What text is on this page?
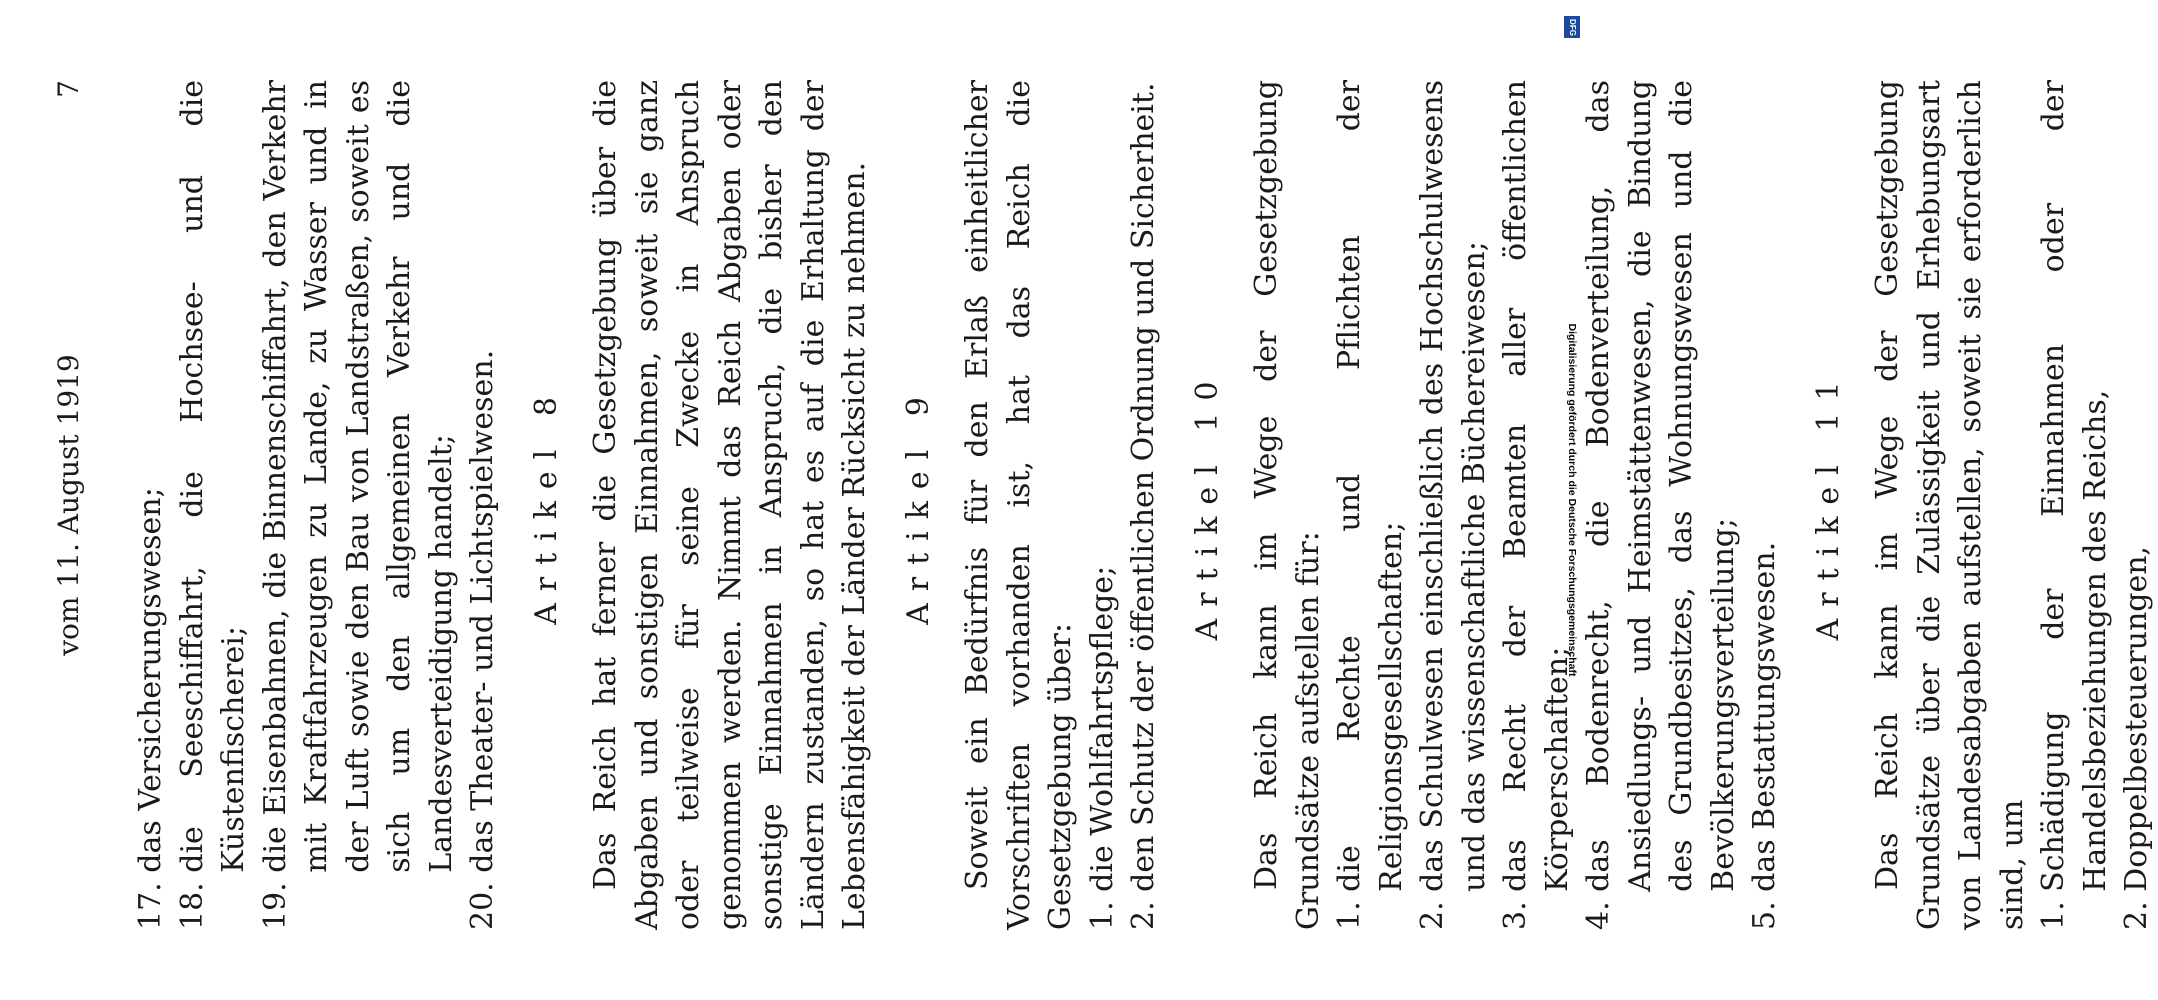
vom 11. August 1919
7
17.
das Versicherungswesen;
18.
die Seeschiffahrt, die Hochsee- und die Küstenfischerei;
19.
die Eisenbahnen, die Binnenschiffahrt, den Verkehr mit Kraftfahrzeugen zu Lande, zu Wasser und in der Luft sowie den Bau von Landstraßen, soweit es sich um den allgemeinen Verkehr und die Landesverteidigung handelt;
20.
das Theater- und Lichtspielwesen. Artikel 8 Das Reich hat ferner die Gesetzgebung über die Abgaben und sonstigen Einnahmen, soweit sie ganz oder teilweise für seine Zwecke in Anspruch genommen werden. Nimmt das Reich Abgaben oder sonstige Einnahmen in Anspruch, die bisher den Ländern zustanden, so hat es auf die Erhaltung der Lebensfähigkeit der Länder Rücksicht zu nehmen. Artikel 9 Soweit ein Bedürfnis für den Erlaß einheitlicher Vorschriften vorhanden ist, hat das Reich die Gesetzgebung über: 1.
die Wohlfahrtspflege;
2.
den Schutz der öffentlichen Ordnung und Sicherheit. Artikel 10 Das Reich kann im Wege der Gesetzgebung Grundsätze aufstellen für: 1.
die Rechte und Pflichten der Religionsgesellschaften;
2.
das Schulwesen einschließlich des Hochschulwesens und das wissenschaftliche Büchereiwesen;
3.
das Recht der Beamten aller öffentlichen Körperschaften;
4.
das Bodenrecht, die Bodenverteilung, das Ansiedlungs- und Heimstättenwesen, die Bindung des Grundbesitzes, das Wohnungswesen und die Bevölkerungsverteilung;
5.
das Bestattungswesen.
Artikel 11 Das Reich kann im Wege der Gesetzgebung Grundsätze über die Zulässigkeit und Erhebungsart von Landesabgaben aufstellen, soweit sie erforderlich sind, um 1.
Schädigung der Einnahmen oder der Handelsbeziehungen des Reichs,
2.
Doppelbesteuerungen,
DFG
Digitalisierung gefördert durch die Deutsche Forschungsgemeinschaft
